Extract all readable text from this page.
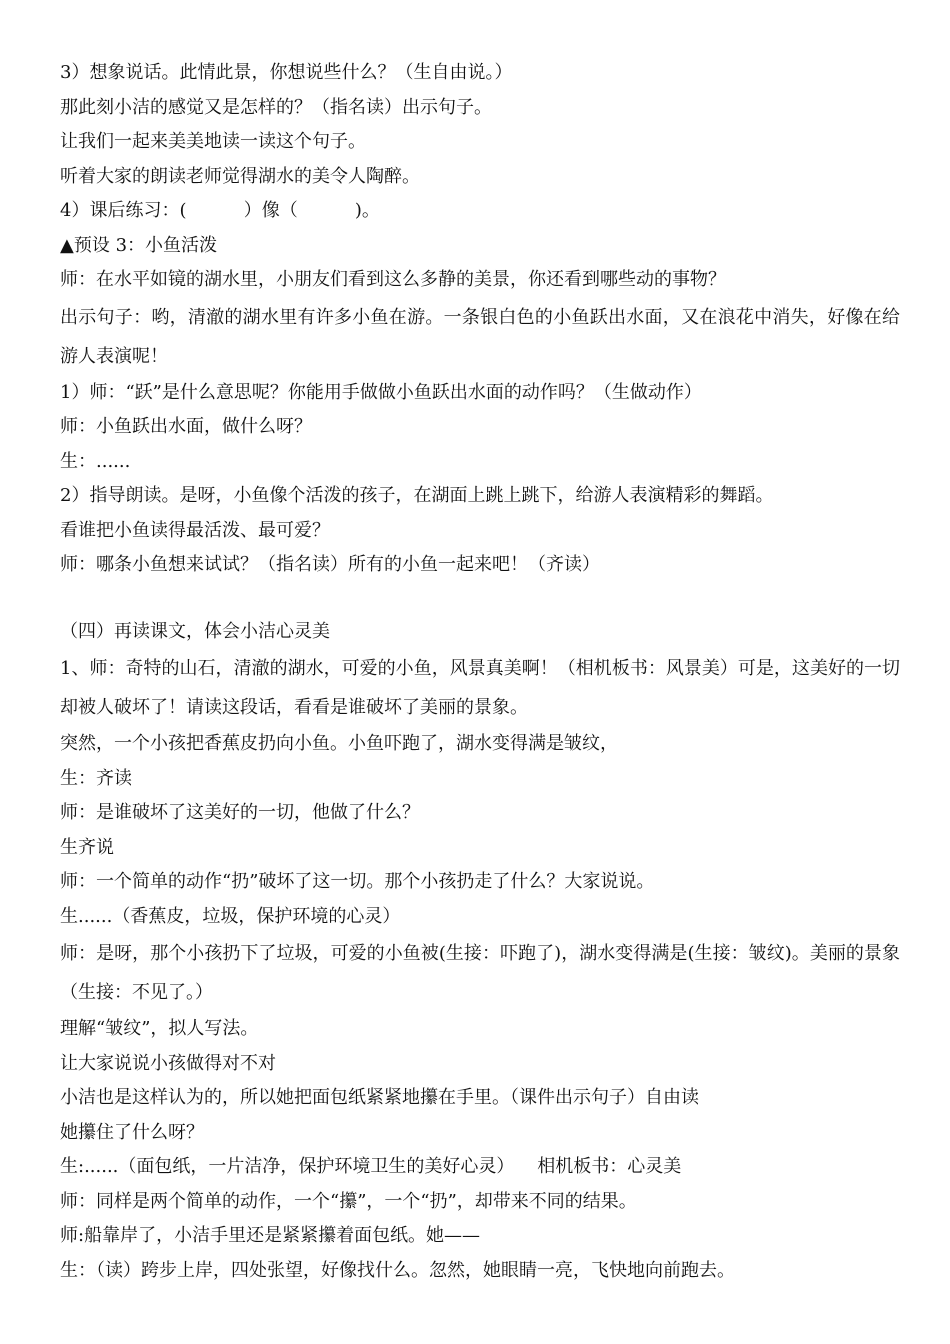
3）想象说话。此情此景，你想说些什么？（生自由说。）

那此刻小洁的感觉又是怎样的？（指名读）出示句子。

让我们一起来美美地读一读这个句子。

听着大家的朗读老师觉得湖水的美令人陶醉。

4）课后练习：(          ）像（          )。

▲预设 3：小鱼活泼

师：在水平如镜的湖水里，小朋友们看到这么多静的美景，你还看到哪些动的事物？

出示句子：哟，清澈的湖水里有许多小鱼在游。一条银白色的小鱼跃出水面，又在浪花中消失，好像在给游人表演呢！

1）师：“跃”是什么意思呢？你能用手做做小鱼跃出水面的动作吗？（生做动作）

师：小鱼跃出水面，做什么呀？

生：......

2）指导朗读。是呀，小鱼像个活泼的孩子，在湖面上跳上跳下，给游人表演精彩的舞蹈。

看谁把小鱼读得最活泼、最可爱？

师：哪条小鱼想来试试？（指名读）所有的小鱼一起来吧！（齐读）

（四）再读课文，体会小洁心灵美

1、师：奇特的山石，清澈的湖水，可爱的小鱼，风景真美啊！（相机板书：风景美）可是，这美好的一切却被人破坏了！请读这段话，看看是谁破坏了美丽的景象。

突然，一个小孩把香蕉皮扔向小鱼。小鱼吓跑了，湖水变得满是皱纹，

生：齐读

师：是谁破坏了这美好的一切，他做了什么？

生齐说

师：一个简单的动作“扔”破坏了这一切。那个小孩扔走了什么？大家说说。

生......（香蕉皮，垃圾，保护环境的心灵）

师：是呀，那个小孩扔下了垃圾，可爱的小鱼被(生接：吓跑了)，湖水变得满是(生接：皱纹)。美丽的景象（生接：不见了。）

理解“皱纹”，拟人写法。

让大家说说小孩做得对不对

小洁也是这样认为的，所以她把面包纸紧紧地攥在手里。（课件出示句子）自由读

她攥住了什么呀？

生:......（面包纸，一片洁净，保护环境卫生的美好心灵）    相机板书：心灵美

师：同样是两个简单的动作，一个“攥”，一个“扔”，却带来不同的结果。

师:船靠岸了，小洁手里还是紧紧攥着面包纸。她——

生：（读）跨步上岸，四处张望，好像找什么。忽然，她眼睛一亮，飞快地向前跑去。
